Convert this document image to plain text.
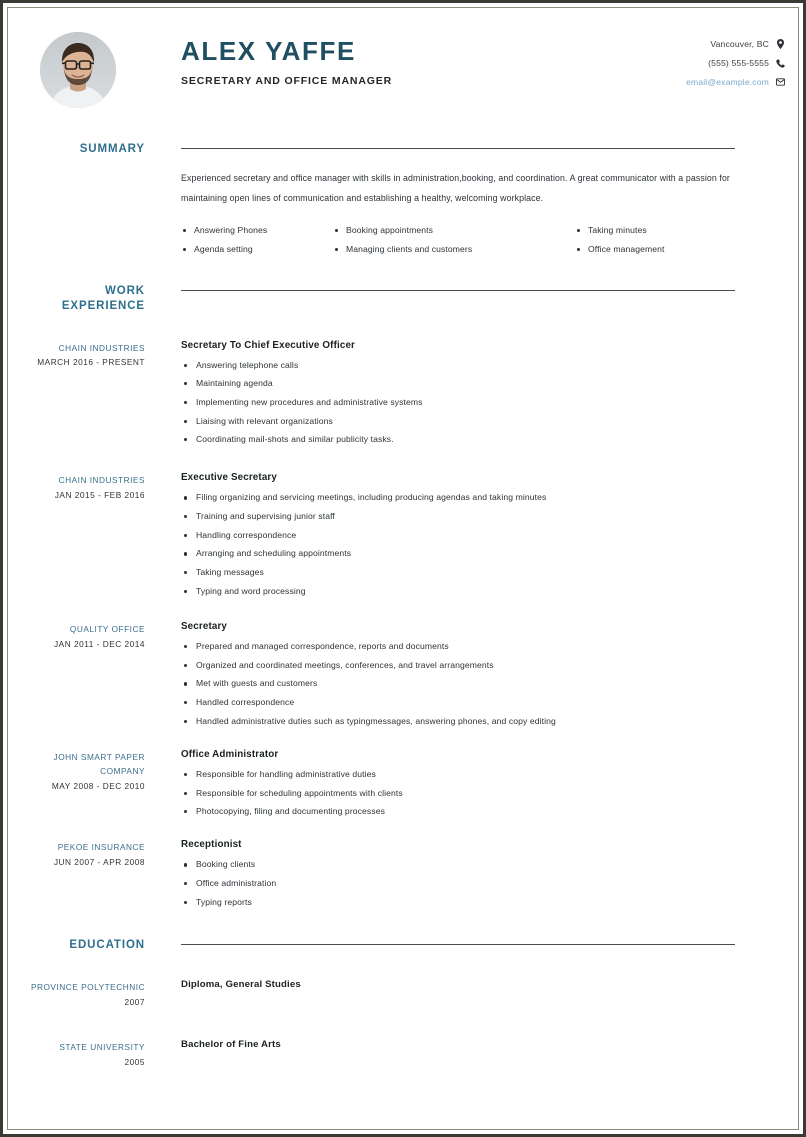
ALEX YAFFE
SECRETARY AND OFFICE MANAGER
Vancouver, BC
(555) 555-5555
email@example.com
SUMMARY
Experienced secretary and office manager with skills in administration,booking, and coordination. A great communicator with a passion for maintaining open lines of communication and establishing a healthy, welcoming workplace.
Answering Phones
Agenda setting
Booking appointments
Managing clients and customers
Taking minutes
Office management
WORK
EXPERIENCE
CHAIN INDUSTRIES
MARCH 2016 - PRESENT
Secretary To Chief Executive Officer
Answering telephone calls
Maintaining agenda
Implementing new procedures and administrative systems
Liaising with relevant organizations
Coordinating mail-shots and similar publicity tasks.
CHAIN INDUSTRIES
JAN 2015 - FEB 2016
Executive Secretary
Filing organizing and servicing meetings, including producing agendas and taking minutes
Training and supervising junior staff
Handling correspondence
Arranging and scheduling appointments
Taking messages
Typing and word processing
QUALITY OFFICE
JAN 2011 - DEC 2014
Secretary
Prepared and managed correspondence, reports and documents
Organized and coordinated meetings, conferences, and travel arrangements
Met with guests and customers
Handled correspondence
Handled administrative duties such as typingmessages, answering phones, and copy editing
JOHN SMART PAPER COMPANY
MAY 2008 - DEC 2010
Office Administrator
Responsible for handling administrative duties
Responsible for scheduling appointments with clients
Photocopying, filing and documenting processes
PEKOE INSURANCE
JUN 2007 - APR 2008
Receptionist
Booking clients
Office administration
Typing reports
EDUCATION
PROVINCE POLYTECHNIC
2007
Diploma, General Studies
STATE UNIVERSITY
2005
Bachelor of Fine Arts
